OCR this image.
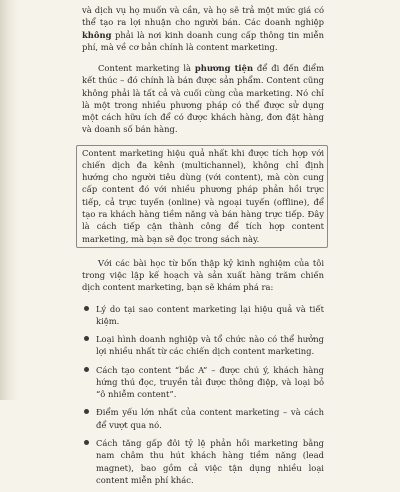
và dịch vụ họ muốn và cần, và họ sẽ trả một mức giá có thể tạo ra lợi nhuận cho người bán. Các doanh nghiệp không phải là nơi kinh doanh cung cấp thông tin miễn phí, mà về cơ bản chính là content marketing.

Content marketing là phương tiện để đi đến điểm kết thúc – đó chính là bán được sản phẩm. Content cũng không phải là tất cả và cuối cùng của marketing. Nó chỉ là một trong nhiều phương pháp có thể được sử dụng một cách hữu ích để có được khách hàng, đơn đặt hàng và doanh số bán hàng.

Content marketing hiệu quả nhất khi được tích hợp với chiến dịch đa kênh (multichannel), không chỉ định hướng cho người tiêu dùng (với content), mà còn cung cấp content đó với nhiều phương pháp phản hồi trực tiếp, cả trực tuyến (online) và ngoại tuyến (offline), để tạo ra khách hàng tiềm năng và bán hàng trực tiếp. Đây là cách tiếp cận thành công để tích hợp content marketing, mà bạn sẽ đọc trong sách này.

Với các bài học từ bốn thập kỷ kinh nghiệm của tôi trong việc lập kế hoạch và sản xuất hàng trăm chiến dịch content marketing, bạn sẽ khám phá ra:

Lý do tại sao content marketing lại hiệu quả và tiết kiệm.
Loại hình doanh nghiệp và tổ chức nào có thể hưởng lợi nhiều nhất từ các chiến dịch content marketing.
Cách tạo content “bắc A” – được chú ý, khách hàng hứng thú đọc, truyền tải được thông điệp, và loại bỏ “ô nhiễm content”.
Điểm yếu lớn nhất của content marketing – và cách để vượt qua nó.
Cách tăng gấp đôi tỷ lệ phản hồi marketing bằng nam châm thu hút khách hàng tiềm năng (lead magnet), bao gồm cả việc tận dụng nhiều loại content miễn phí khác.
